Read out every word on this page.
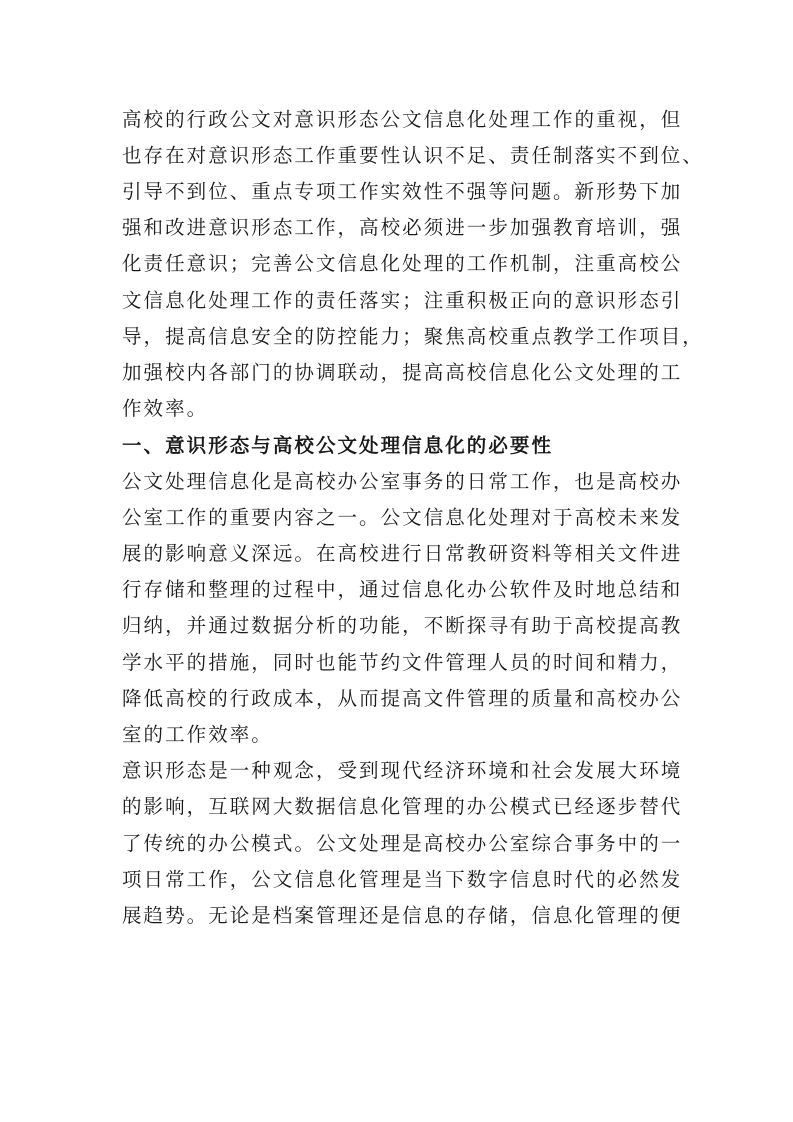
高校的行政公文对意识形态公文信息化处理工作的重视，但
也存在对意识形态工作重要性认识不足、责任制落实不到位、
引导不到位、重点专项工作实效性不强等问题。新形势下加
强和改进意识形态工作，高校必须进一步加强教育培训，强
化责任意识；完善公文信息化处理的工作机制，注重高校公
文信息化处理工作的责任落实；注重积极正向的意识形态引
导，提高信息安全的防控能力；聚焦高校重点教学工作项目，
加强校内各部门的协调联动，提高高校信息化公文处理的工
作效率。
一、意识形态与高校公文处理信息化的必要性
公文处理信息化是高校办公室事务的日常工作，也是高校办
公室工作的重要内容之一。公文信息化处理对于高校未来发
展的影响意义深远。在高校进行日常教研资料等相关文件进
行存储和整理的过程中，通过信息化办公软件及时地总结和
归纳，并通过数据分析的功能，不断探寻有助于高校提高教
学水平的措施，同时也能节约文件管理人员的时间和精力，
降低高校的行政成本，从而提高文件管理的质量和高校办公
室的工作效率。
意识形态是一种观念，受到现代经济环境和社会发展大环境
的影响，互联网大数据信息化管理的办公模式已经逐步替代
了传统的办公模式。公文处理是高校办公室综合事务中的一
项日常工作，公文信息化管理是当下数字信息时代的必然发
展趋势。无论是档案管理还是信息的存储，信息化管理的便
